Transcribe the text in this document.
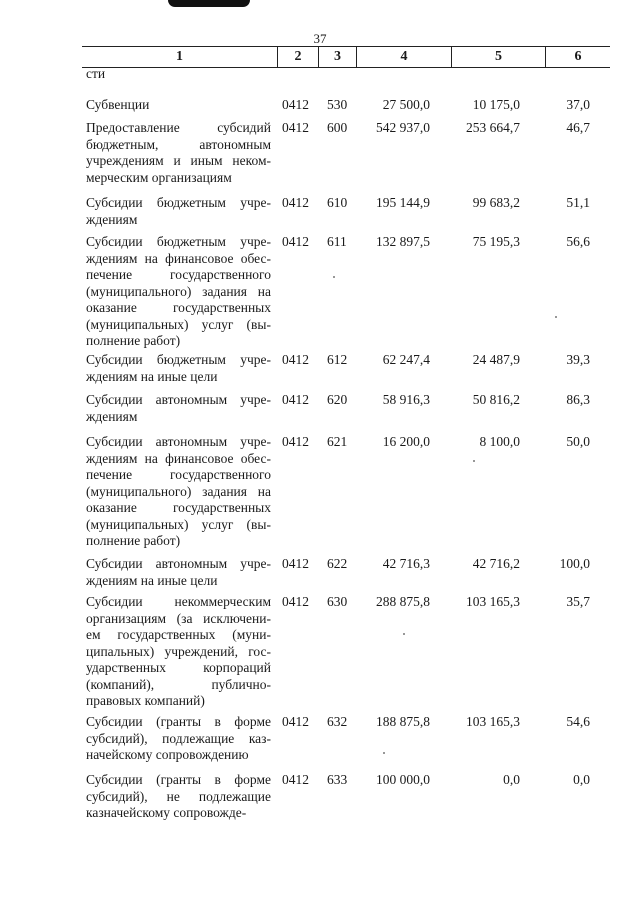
37
1	2	3	4	5	6
сти
Субвенции	0412 530	27 500,0	10 175,0	37,0
Предоставление субсидий
бюджетным, автономным
учреждениям и иным неком-
мерческим организациям
0412 600	542 937,0	253 664,7	46,7
Субсидии бюджетным учре-
ждениям
0412 610	195 144,9	99 683,2	51,1
Субсидии бюджетным учре-
ждениям на финансовое обес-
печение государственного
(муниципального) задания на
оказание государственных
(муниципальных) услуг (вы-
полнение работ)
0412 611	132 897,5	75 195,3	56,6
Субсидии бюджетным учре-
ждениям на иные цели
0412 612	62 247,4	24 487,9	39,3
Субсидии автономным учре-
ждениям
0412 620	58 916,3	50 816,2	86,3
Субсидии автономным учре-
ждениям на финансовое обес-
печение государственного
(муниципального) задания на
оказание государственных
(муниципальных) услуг (вы-
полнение работ)
0412 621	16 200,0	8 100,0	50,0
Субсидии автономным учре-
ждениям на иные цели
0412 622	42 716,3	42 716,2	100,0
Субсидии некоммерческим
организациям (за исключени-
ем государственных (муни-
ципальных) учреждений, гос-
ударственных корпораций
(компаний), публично-
правовых компаний)
0412 630	288 875,8	103 165,3	35,7
Субсидии (гранты в форме
субсидий), подлежащие каз-
начейскому сопровождению
0412 632	188 875,8	103 165,3	54,6
Субсидии (гранты в форме
субсидий), не подлежащие
казначейскому сопровожде-
0412 633	100 000,0	0,0	0,0
